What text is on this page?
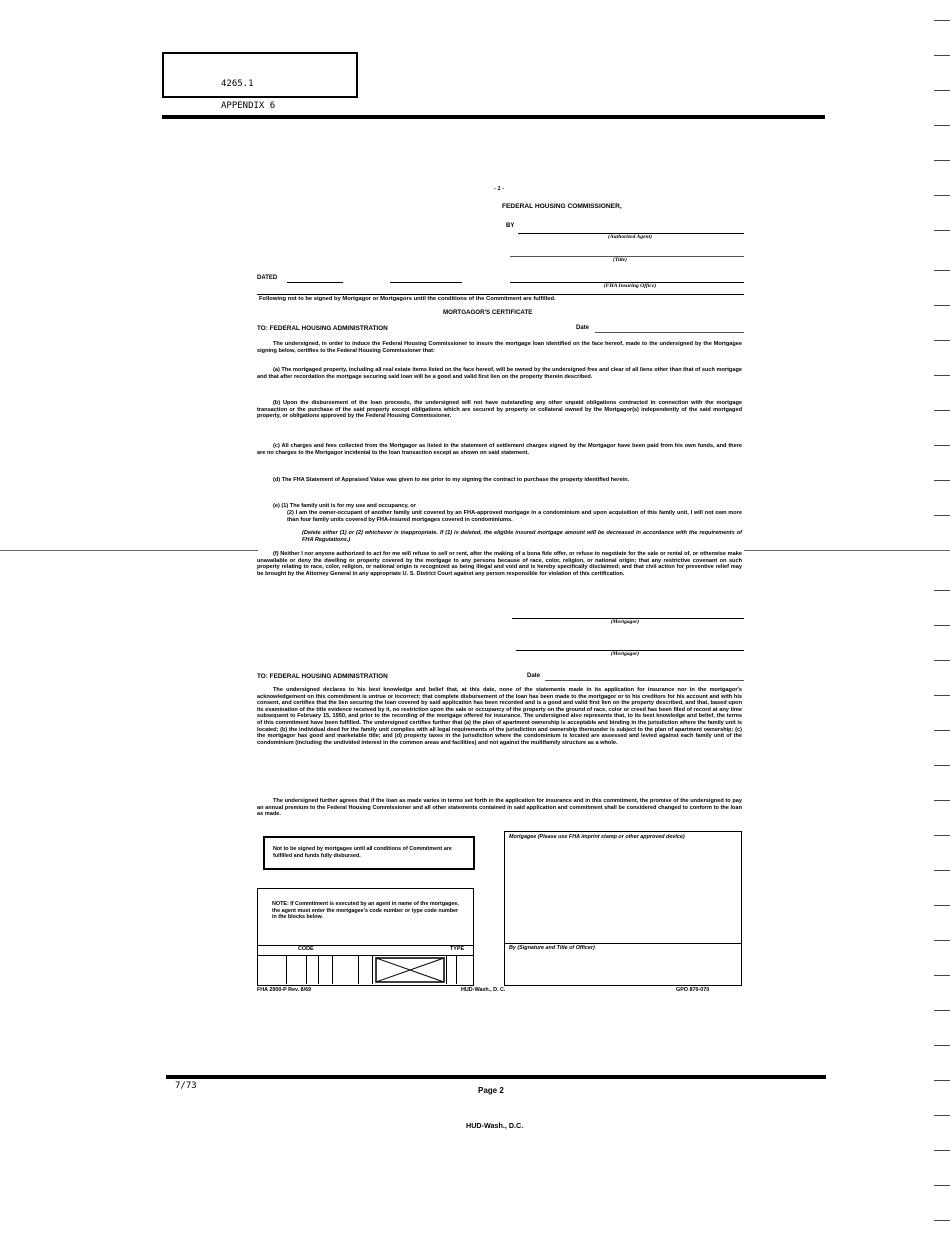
4265.1
APPENDIX 6
- 2 -
FEDERAL HOUSING COMMISSIONER,
BY
(Authorized Agent)
(Title)
DATED
(FHA Insuring Office)
Following not to be signed by Mortgagor or Mortgagors until the conditions of the Commitment are fulfilled.
MORTGAGOR'S CERTIFICATE
TO: FEDERAL HOUSING ADMINISTRATION	Date
The undersigned, in order to induce the Federal Housing Commissioner to insure the mortgage loan identified on the face hereof, made to the undersigned by the Mortgagee signing below, certifies to the Federal Housing Commissioner that:
(a) The mortgaged property, including all real estate items listed on the face hereof, will be owned by the undersigned free and clear of all liens other than that of such mortgage and that after recordation the mortgage securing said loan will be a good and valid first lien on the property therein described.
(b) Upon the disbursement of the loan proceeds, the undersigned will not have outstanding any other unpaid obligations contracted in connection with the mortgage transaction or the purchase of the said property except obligations which are secured by property or collateral owned by the Mortgagor(s) independently of the said mortgaged property, or obligations approved by the Federal Housing Commissioner.
(c) All charges and fees collected from the Mortgagor as listed in the statement of settlement charges signed by the Mortgagor have been paid from his own funds, and there are no charges to the Mortgagor incidental to the loan transaction except as shown on said statement.
(d) The FHA Statement of Appraised Value was given to me prior to my signing the contract to purchase the property identified herein.
(e) (1) The family unit is for my use and occupancy, or
(2) I am the owner-occupant of another family unit covered by an FHA-approved mortgage in a condominium and upon acquisition of this family unit, I will not own more than four family units covered by FHA-insured mortgages covered in condominiums.
(Delete either (1) or (2) whichever is inappropriate. If (1) is deleted, the eligible insured mortgage amount will be decreased in accordance with the requirements of FHA Regulations.)
(f) Neither I nor anyone authorized to act for me will refuse to sell or rent, after the making of a bona fide offer, or refuse to negotiate for the sale or rental of, or otherwise make unavailable or deny the dwelling or property covered by the mortgage to any persons because of race, color, religion, or national origin; that any restrictive covenant on such property relating to race, color, religion, or national origin is recognized as being illegal and void and is hereby specifically disclaimed; and that civil action for preventive relief may be brought by the Attorney General in any appropriate U. S. District Court against any person responsible for violation of this certification.
(Mortgagor)
(Mortgagor)
TO: FEDERAL HOUSING ADMINISTRATION	Date
The undersigned declares to his best knowledge and belief that, at this date, none of the statements made in its application for insurance nor in the mortgagor's acknowledgement on this commitment is untrue or incorrect; that complete disbursement of the loan has been made to the mortgagor or to his creditors for his account and with his consent, and certifies that the lien securing the loan covered by said application has been recorded and is a good and valid first lien on the property described, and that, based upon its examination of the title evidence received by it, no restriction upon the sale or occupancy of the property on the ground of race, color or creed has been filed of record at any time subsequent to February 15, 1950, and prior to the recording of the mortgage offered for insurance. The undersigned also represents that, to its best knowledge and belief, the terms of this commitment have been fulfilled. The undersigned certifies further that (a) the plan of apartment ownership is acceptable and binding in the jurisdiction where the family unit is located; (b) the individual deed for the family unit complies with all legal requirements of the jurisdiction and ownership thereunder is subject to the plan of apartment ownership; (c) the mortgagor has good and marketable title; and (d) property taxes in the jurisdiction where the condominium is located are assessed and levied against each family unit of the condominium (including the undivided interest in the common areas and facilities) and not against the multifamily structure as a whole.
The undersigned further agrees that if the loan as made varies in terms set forth in the application for insurance and in this commitment, the promise of the undersigned to pay an annual premium to the Federal Housing Commissioner and all other statements contained in said application and commitment shall be considered changed to conform to the loan as made.
Not to be signed by mortgagee until all conditions of Commitment are fulfilled and funds fully disbursed.
NOTE: If Commitment is executed by an agent in name of the mortgagee, the agent must enter the mortgagee's code number or type code number in the blocks below.
CODE	TYPE
Mortgagee (Please use FHA imprint stamp or other approved device)
By (Signature and Title of Officer)
FHA 2900-P Rev. 8/69	HUD-Wash., D. C.	GPO 870-070
7/73	Page 2
HUD-Wash., D.C.
